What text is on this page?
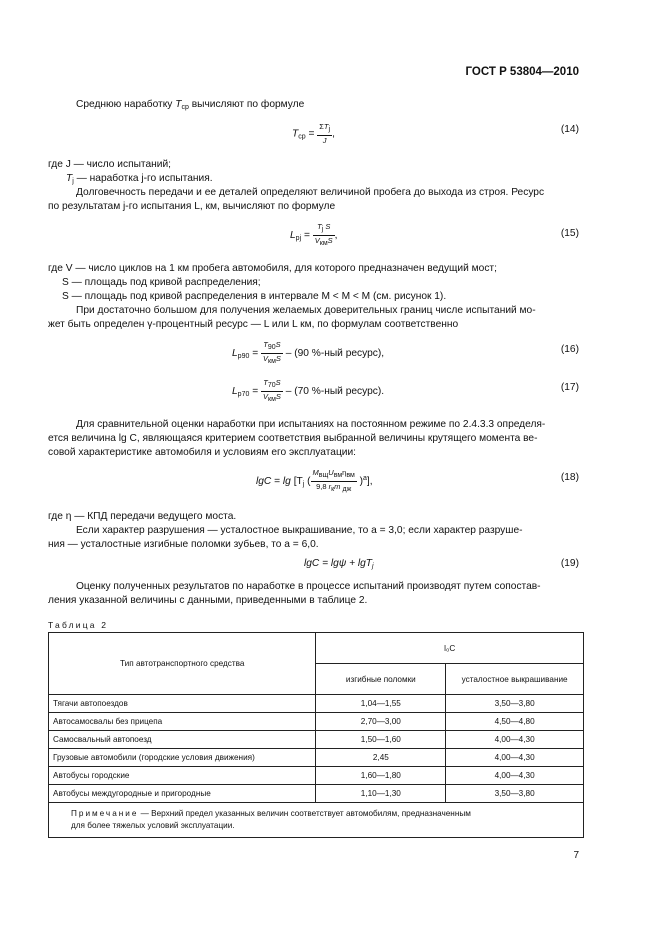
ГОСТ Р 53804—2010
Среднюю наработку $Т_{ср}$ вычисляют по формуле
$Т_{ср} = \frac{\Sigma T_j}{J}$ ,	(14)
где J — число испытаний;
$T_j$ — наработка j-го испытания.
Долговечность передачи и ее деталей определяют величиной пробега до выхода из строя. Ресурс
по результатам j-го испытания L, км, вычисляют по формуле
$L_{pj} = \frac{T_j S}{V_{км}S}$ ,	(15)
где V — число циклов на 1 км пробега автомобиля, для которого предназначен ведущий мост;
S — площадь под кривой распределения;
S — площадь под кривой распределения в интервале M < M < M (см. рисунок 1).
При достаточно большом для получения желаемых доверительных границ числе испытаний мо-
жет быть определен γ-процентный ресурс — L или L км, по формулам соответственно
$L_{р90} = \frac{T_{90}S}{V_{км}S} - (90$ %-ный ресурс),	(16)
$L_{р70} = \frac{T_{70}S}{V_{км}S} - (70$ %-ный ресурс).	(17)
Для сравнительной оценки наработки при испытаниях на постоянном режиме по 2.4.3.3 определя-
ется величина lg C, являющаяся критерием соответствия выбранной величины крутящего момента ве-
совой характеристике автомобиля и условиям его эксплуатации:
$\lg C = \lg [T_j$ ( $\frac{M_{вщ}U_{вм}\eta_{вм}}{9,8 r_кm _{дж}} )^a$],	(18)
где η — КПД передачи ведущего моста.
Если характер разрушения — усталостное выкрашивание, то a = 3,0; если характер разруше-
ния — усталостные изгибные поломки зубьев, то a = 6,0.
lgC = lgψ + lgT$_j$	(19)
Оценку полученных результатов по наработке в процессе испытаний производят путем сопостав-
ления указанной величины с данными, приведенными в таблице 2.
Таблица 2
Тип автотранспортного средства	l₀C	
	изгибные поломки	усталостное выкрашивание
Тягачи автопоездов	1,04—1,55	3,50—3,80
Автосамосвалы без прицепа	2,70—3,00	4,50—4,80
Самосвальный автопоезд	1,50—1,60	4,00—4,30
Грузовые автомобили (городские условия движения)	2,45	4,00—4,30
Автобусы городские	1,60—1,80	4,00—4,30
Автобусы междугородные и пригородные	1,10—1,30	3,50—3,80
Примечание — Верхний предел указанных величин соответствует автомобилям, предназначенным
для более тяжелых условий эксплуатации.		
7
